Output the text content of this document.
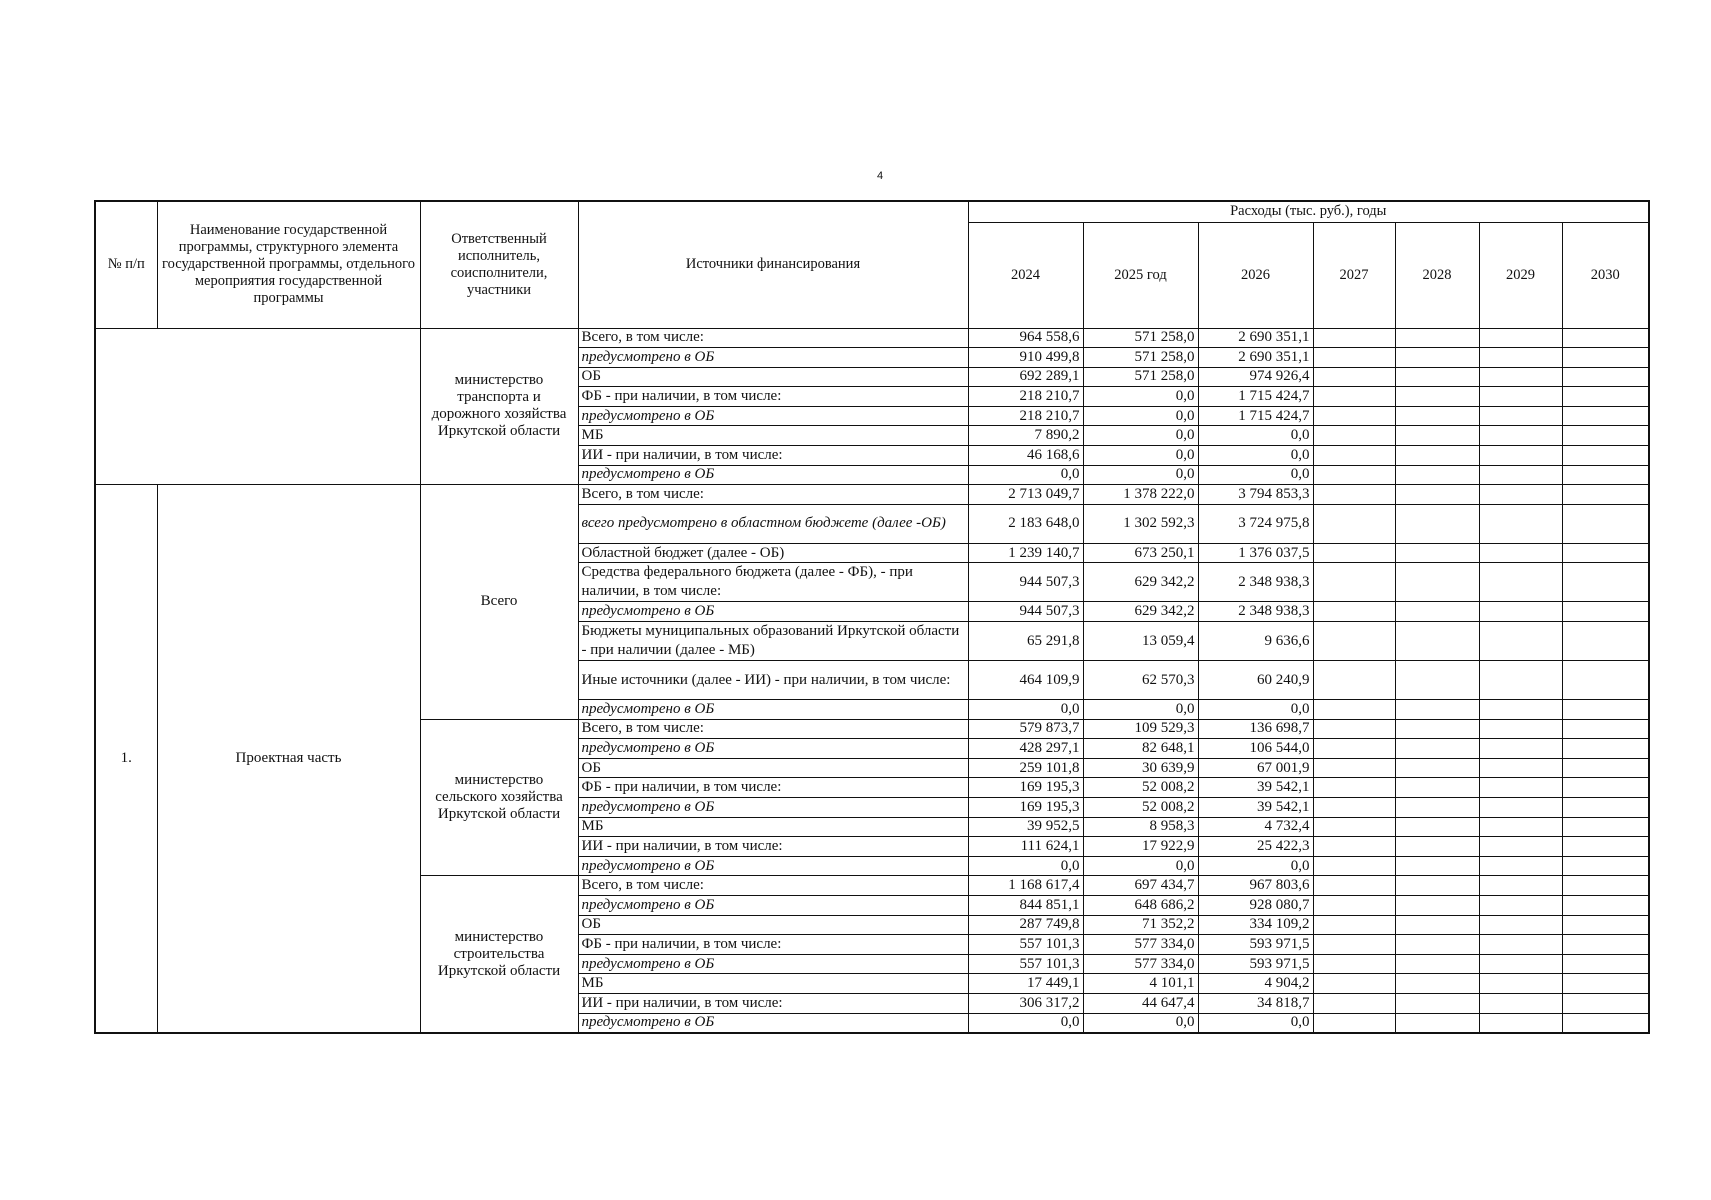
4
№ п/п	Наименование государственной программы, структурного элемента государственной программы, отдельного мероприятия государственной программы	Ответственный исполнитель, соисполнители, участники	Источники финансирования	Расходы (тыс. руб.), годы						
				2024	2025 год	2026	2027	2028	2029	2030
		министерство транспорта и дорожного хозяйства Иркутской области	Всего, в том числе:	964 558,6	571 258,0	2 690 351,1				
			предусмотрено в ОБ	910 499,8	571 258,0	2 690 351,1				
			ОБ	692 289,1	571 258,0	974 926,4				
			ФБ - при наличии, в том числе:	218 210,7	0,0	1 715 424,7				
			предусмотрено в ОБ	218 210,7	0,0	1 715 424,7				
			МБ	7 890,2	0,0	0,0				
			ИИ - при наличии, в том числе:	46 168,6	0,0	0,0				
			предусмотрено в ОБ	0,0	0,0	0,0				
1.	Проектная часть	Всего	Всего, в том числе:	2 713 049,7	1 378 222,0	3 794 853,3				
			всего предусмотрено в областном бюджете (далее -ОБ)	2 183 648,0	1 302 592,3	3 724 975,8				
			Областной бюджет (далее - ОБ)	1 239 140,7	673 250,1	1 376 037,5				
			Средства федерального бюджета (далее - ФБ), - при наличии, в том числе:	944 507,3	629 342,2	2 348 938,3				
			предусмотрено в ОБ	944 507,3	629 342,2	2 348 938,3				
			Бюджеты муниципальных образований Иркутской области - при наличии (далее - МБ)	65 291,8	13 059,4	9 636,6				
			Иные источники (далее - ИИ) - при наличии, в том числе:	464 109,9	62 570,3	60 240,9				
			предусмотрено в ОБ	0,0	0,0	0,0				
		министерство сельского хозяйства Иркутской области	Всего, в том числе:	579 873,7	109 529,3	136 698,7				
			предусмотрено в ОБ	428 297,1	82 648,1	106 544,0				
			ОБ	259 101,8	30 639,9	67 001,9				
			ФБ - при наличии, в том числе:	169 195,3	52 008,2	39 542,1				
			предусмотрено в ОБ	169 195,3	52 008,2	39 542,1				
			МБ	39 952,5	8 958,3	4 732,4				
			ИИ - при наличии, в том числе:	111 624,1	17 922,9	25 422,3				
			предусмотрено в ОБ	0,0	0,0	0,0				
		министерство строительства Иркутской области	Всего, в том числе:	1 168 617,4	697 434,7	967 803,6				
			предусмотрено в ОБ	844 851,1	648 686,2	928 080,7				
			ОБ	287 749,8	71 352,2	334 109,2				
			ФБ - при наличии, в том числе:	557 101,3	577 334,0	593 971,5				
			предусмотрено в ОБ	557 101,3	577 334,0	593 971,5				
			МБ	17 449,1	4 101,1	4 904,2				
			ИИ - при наличии, в том числе:	306 317,2	44 647,4	34 818,7				
			предусмотрено в ОБ	0,0	0,0	0,0				
